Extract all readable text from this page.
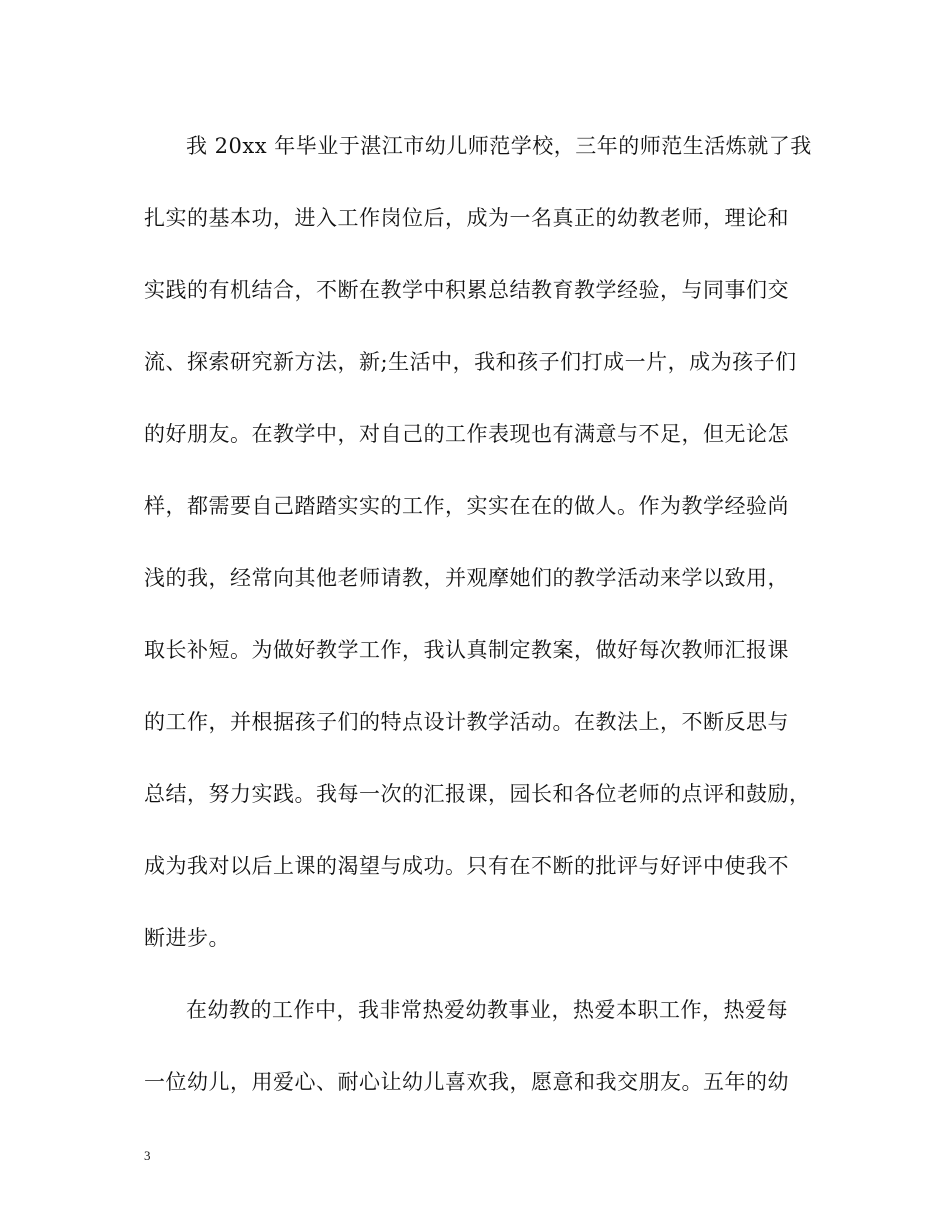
我 20xx 年毕业于湛江市幼儿师范学校，三年的师范生活炼就了我
扎实的基本功，进入工作岗位后，成为一名真正的幼教老师，理论和
实践的有机结合，不断在教学中积累总结教育教学经验，与同事们交
流、探索研究新方法，新;生活中，我和孩子们打成一片，成为孩子们
的好朋友。在教学中，对自己的工作表现也有满意与不足，但无论怎
样，都需要自己踏踏实实的工作，实实在在的做人。作为教学经验尚
浅的我，经常向其他老师请教，并观摩她们的教学活动来学以致用，
取长补短。为做好教学工作，我认真制定教案，做好每次教师汇报课
的工作，并根据孩子们的特点设计教学活动。在教法上，不断反思与
总结，努力实践。我每一次的汇报课，园长和各位老师的点评和鼓励，
成为我对以后上课的渴望与成功。只有在不断的批评与好评中使我不
断进步。
在幼教的工作中，我非常热爱幼教事业，热爱本职工作，热爱每
一位幼儿，用爱心、耐心让幼儿喜欢我，愿意和我交朋友。五年的幼
3
